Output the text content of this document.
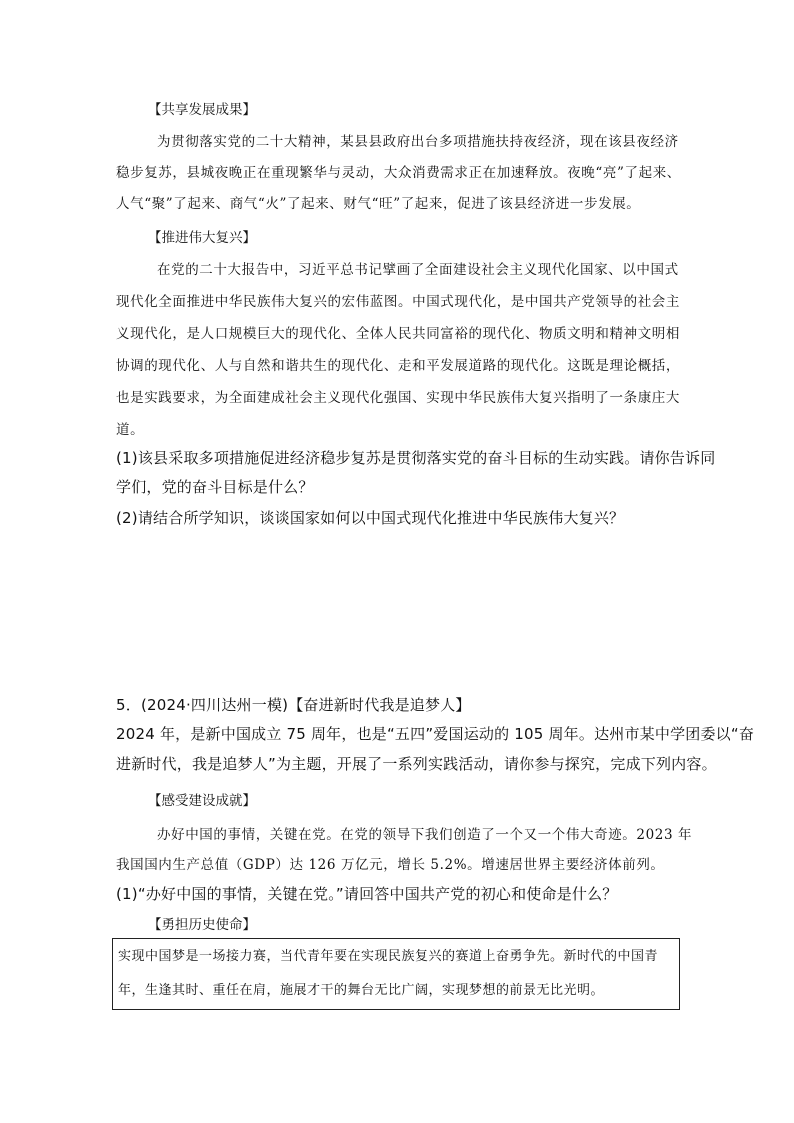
【共享发展成果】
为贯彻落实党的二十大精神，某县县政府出台多项措施扶持夜经济，现在该县夜经济
稳步复苏，县城夜晚正在重现繁华与灵动，大众消费需求正在加速释放。夜晚“亮”了起来、
人气“聚”了起来、商气“火”了起来、财气“旺”了起来，促进了该县经济进一步发展。
【推进伟大复兴】
在党的二十大报告中，习近平总书记擘画了全面建设社会主义现代化国家、以中国式
现代化全面推进中华民族伟大复兴的宏伟蓝图。中国式现代化，是中国共产党领导的社会主
义现代化，是人口规模巨大的现代化、全体人民共同富裕的现代化、物质文明和精神文明相
协调的现代化、人与自然和谐共生的现代化、走和平发展道路的现代化。这既是理论概括，
也是实践要求，为全面建成社会主义现代化强国、实现中华民族伟大复兴指明了一条康庄大
道。
(1)该县采取多项措施促进经济稳步复苏是贯彻落实党的奋斗目标的生动实践。请你告诉同
学们，党的奋斗目标是什么？
(2)请结合所学知识，谈谈国家如何以中国式现代化推进中华民族伟大复兴？
5．(2024·四川达州一模)【奋进新时代我是追梦人】
2024 年，是新中国成立 75 周年，也是“五四”爱国运动的 105 周年。达州市某中学团委以“奋
进新时代，我是追梦人”为主题，开展了一系列实践活动，请你参与探究，完成下列内容。
【感受建设成就】
办好中国的事情，关键在党。在党的领导下我们创造了一个又一个伟大奇迹。2023 年
我国国内生产总值（GDP）达 126 万亿元，增长 5.2%。增速居世界主要经济体前列。
(1)“办好中国的事情，关键在党。”请回答中国共产党的初心和使命是什么？
【勇担历史使命】
实现中国梦是一场接力赛，当代青年要在实现民族复兴的赛道上奋勇争先。新时代的中国青
年，生逢其时、重任在肩，施展才干的舞台无比广阔，实现梦想的前景无比光明。
